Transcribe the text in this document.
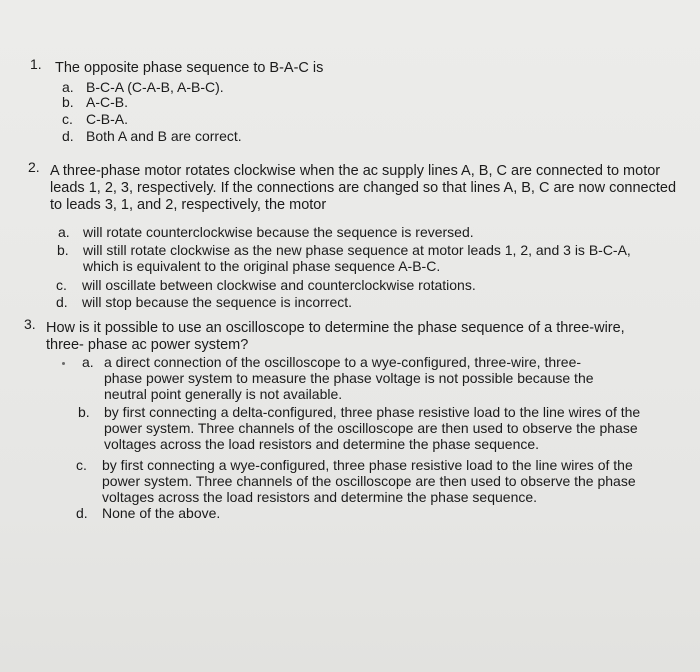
1. The opposite phase sequence to B-A-C is
a. B-C-A (C-A-B, A-B-C).
b. A-C-B.
c. C-B-A.
d. Both A and B are correct.
2. A three-phase motor rotates clockwise when the ac supply lines A, B, C are connected to motor leads 1, 2, 3, respectively. If the connections are changed so that lines A, B, C are now connected to leads 3, 1, and 2, respectively, the motor
a. will rotate counterclockwise because the sequence is reversed.
b. will still rotate clockwise as the new phase sequence at motor leads 1, 2, and 3 is B-C-A, which is equivalent to the original phase sequence A-B-C.
c. will oscillate between clockwise and counterclockwise rotations.
d. will stop because the sequence is incorrect.
3. How is it possible to use an oscilloscope to determine the phase sequence of a three-wire, three- phase ac power system?
a. a direct connection of the oscilloscope to a wye-configured, three-wire, three-phase power system to measure the phase voltage is not possible because the neutral point generally is not available.
b. by first connecting a delta-configured, three phase resistive load to the line wires of the power system. Three channels of the oscilloscope are then used to observe the phase voltages across the load resistors and determine the phase sequence.
c. by first connecting a wye-configured, three phase resistive load to the line wires of the power system. Three channels of the oscilloscope are then used to observe the phase voltages across the load resistors and determine the phase sequence.
d. None of the above.
